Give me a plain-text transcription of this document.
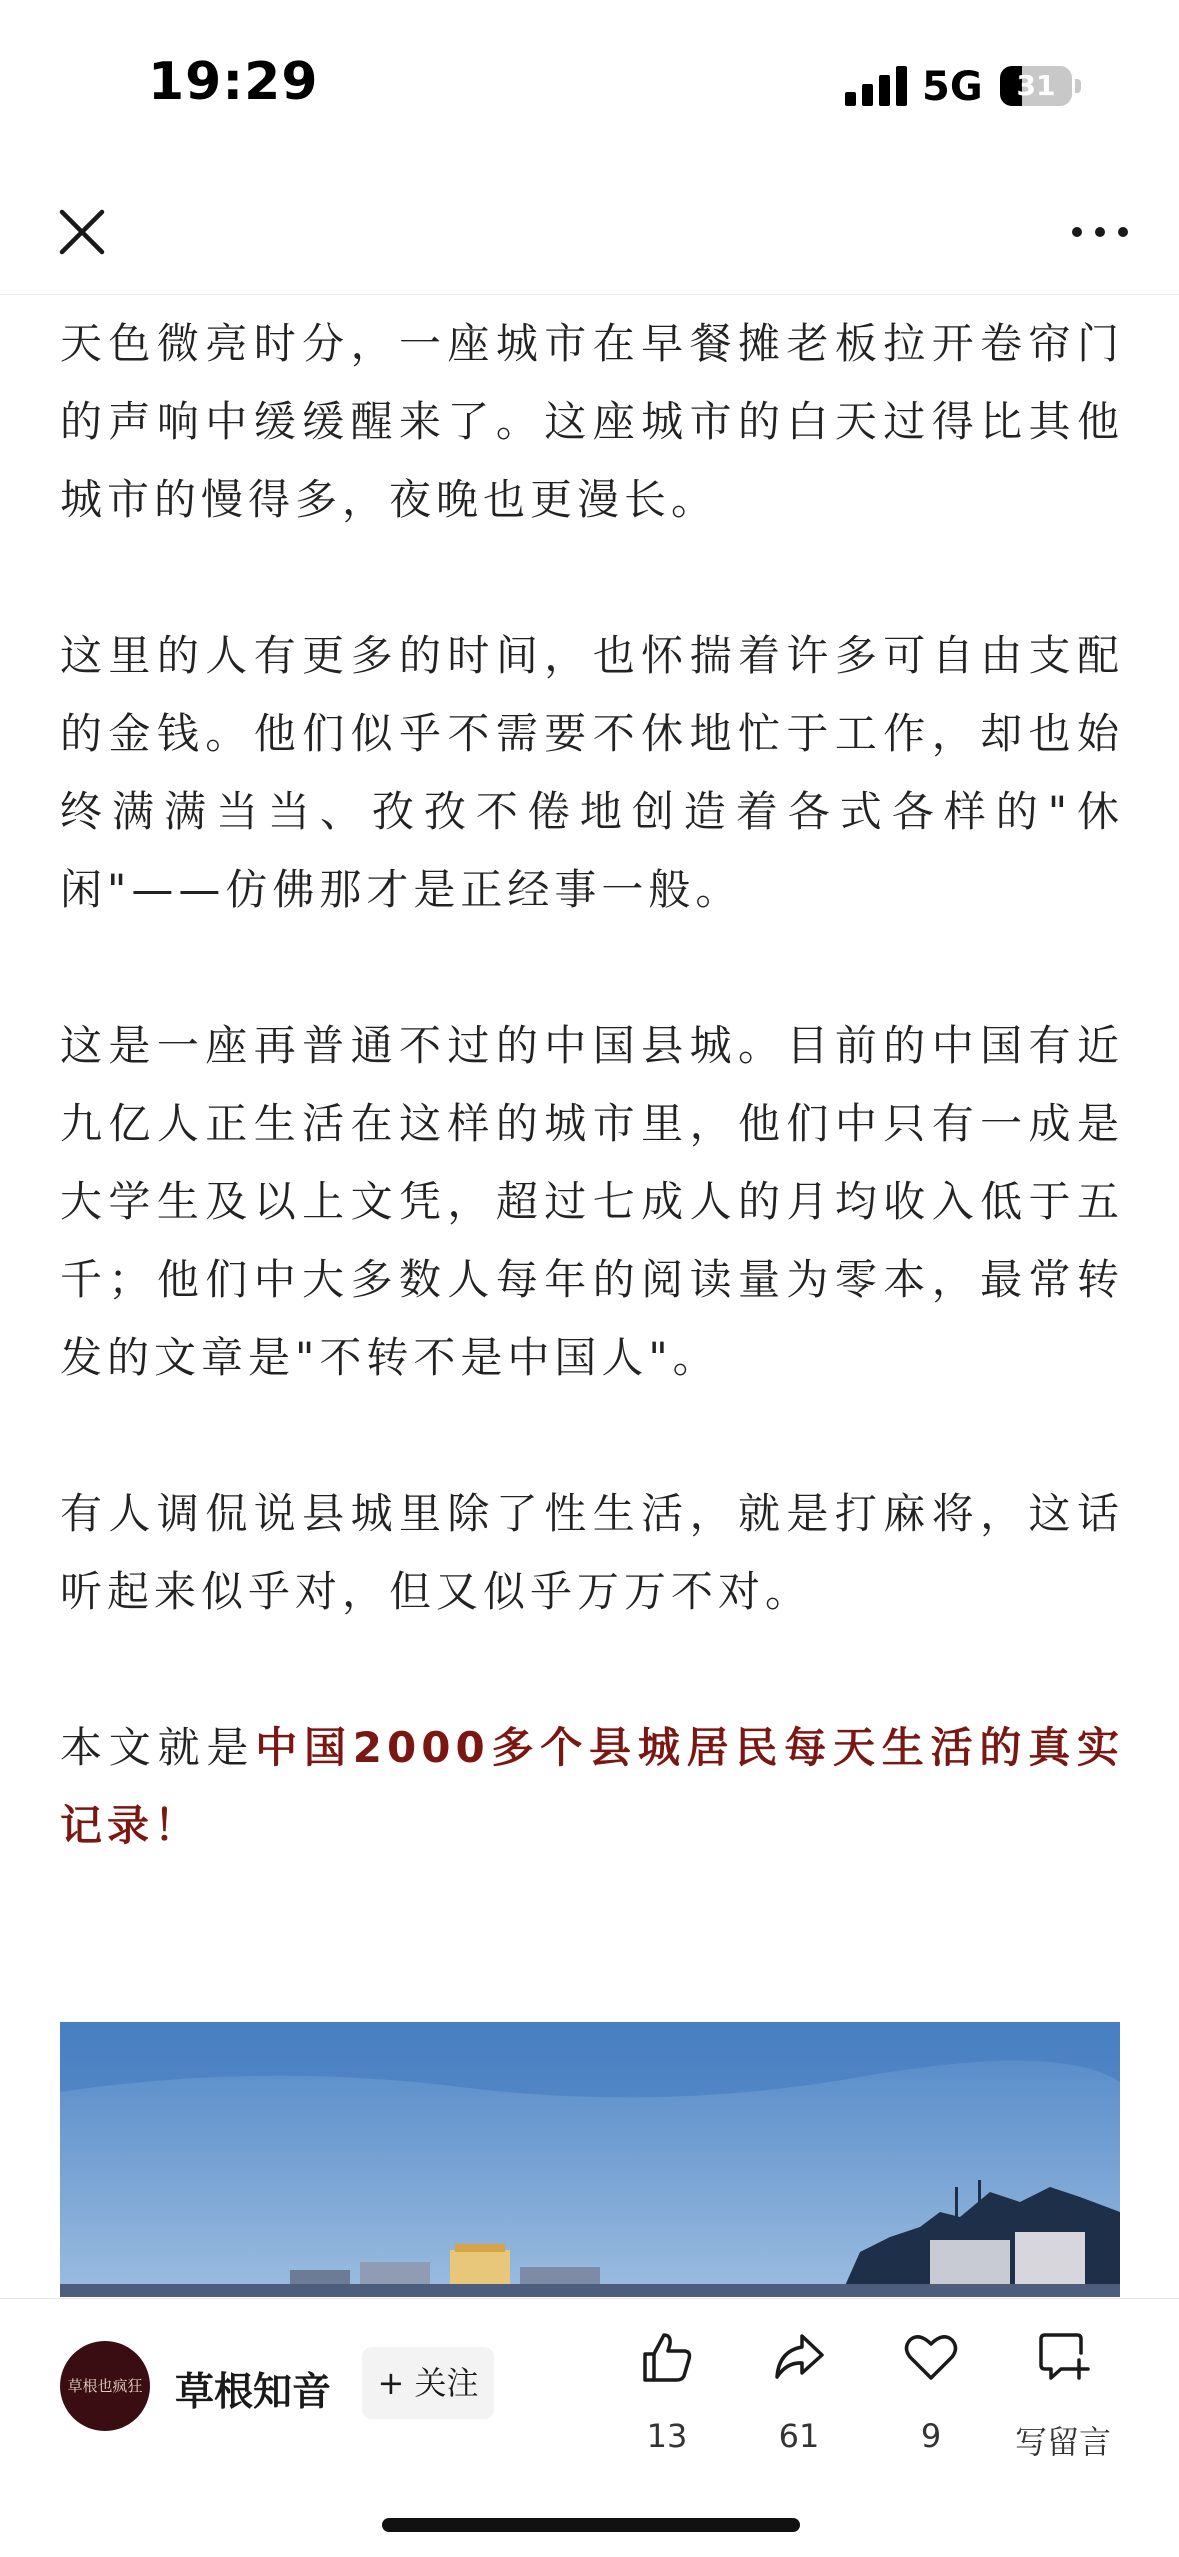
19:29	5G	31

天色微亮时分，一座城市在早餐摊老板拉开卷帘门的声响中缓缓醒来了。这座城市的白天过得比其他城市的慢得多，夜晚也更漫长。

这里的人有更多的时间，也怀揣着许多可自由支配的金钱。他们似乎不需要不休地忙于工作，却也始终满满当当、孜孜不倦地创造着各式各样的"休闲"——仿佛那才是正经事一般。

这是一座再普通不过的中国县城。目前的中国有近九亿人正生活在这样的城市里，他们中只有一成是大学生及以上文凭，超过七成人的月均收入低于五千；他们中大多数人每年的阅读量为零本，最常转发的文章是"不转不是中国人"。

有人调侃说县城里除了性生活，就是打麻将，这话听起来似乎对，但又似乎万万不对。

本文就是中国2000多个县城居民每天生活的真实记录！

草根也疯狂 草根知音	+ 关注
13	61	9	写留言
